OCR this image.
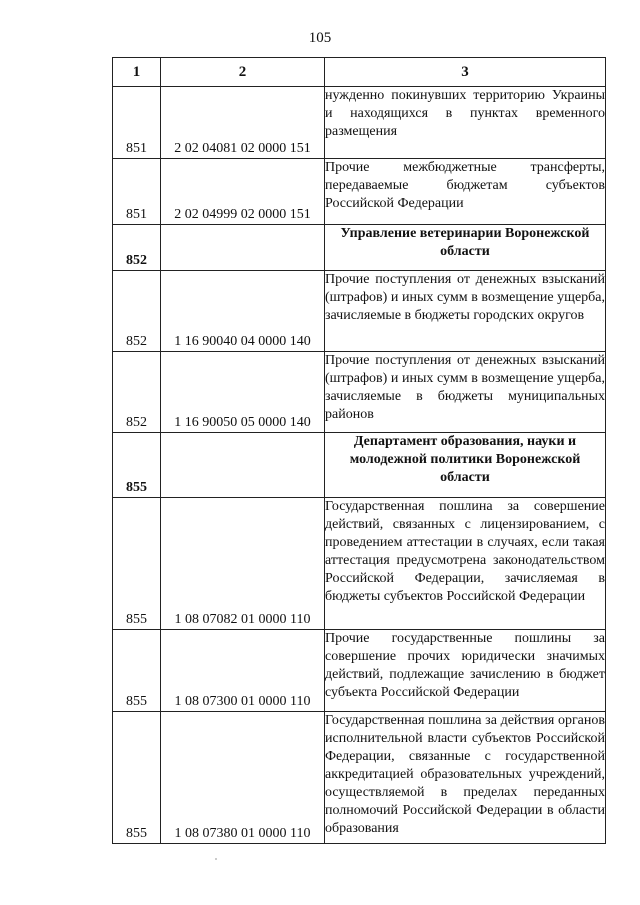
105
1	2	3
851	2 02 04081 02 0000 151	нужденно покинувших территорию Украины и находящихся в пунктах временного размещения
851	2 02 04999 02 0000 151	Прочие межбюджетные трансферты, передаваемые бюджетам субъектов Российской Федерации
852		Управление ветеринарии Воронежской области
852	1 16 90040 04 0000 140	Прочие поступления от денежных взысканий (штрафов) и иных сумм в возмещение ущерба, зачисляемые в бюджеты городских округов
852	1 16 90050 05 0000 140	Прочие поступления от денежных взысканий (штрафов) и иных сумм в возмещение ущерба, зачисляемые в бюджеты муниципальных районов
855		Департамент образования, науки и молодежной политики Воронежской области
855	1 08 07082 01 0000 110	Государственная пошлина за совершение действий, связанных с лицензированием, с проведением аттестации в случаях, если такая аттестация предусмотрена законодательством Российской Федерации, зачисляемая в бюджеты субъектов Российской Федерации
855	1 08 07300 01 0000 110	Прочие государственные пошлины за совершение прочих юридически значимых действий, подлежащие зачислению в бюджет субъекта Российской Федерации
855	1 08 07380 01 0000 110	Государственная пошлина за действия органов исполнительной власти субъектов Российской Федерации, связанные с государственной аккредитацией образовательных учреждений, осуществляемой в пределах переданных полномочий Российской Федерации в области образования
